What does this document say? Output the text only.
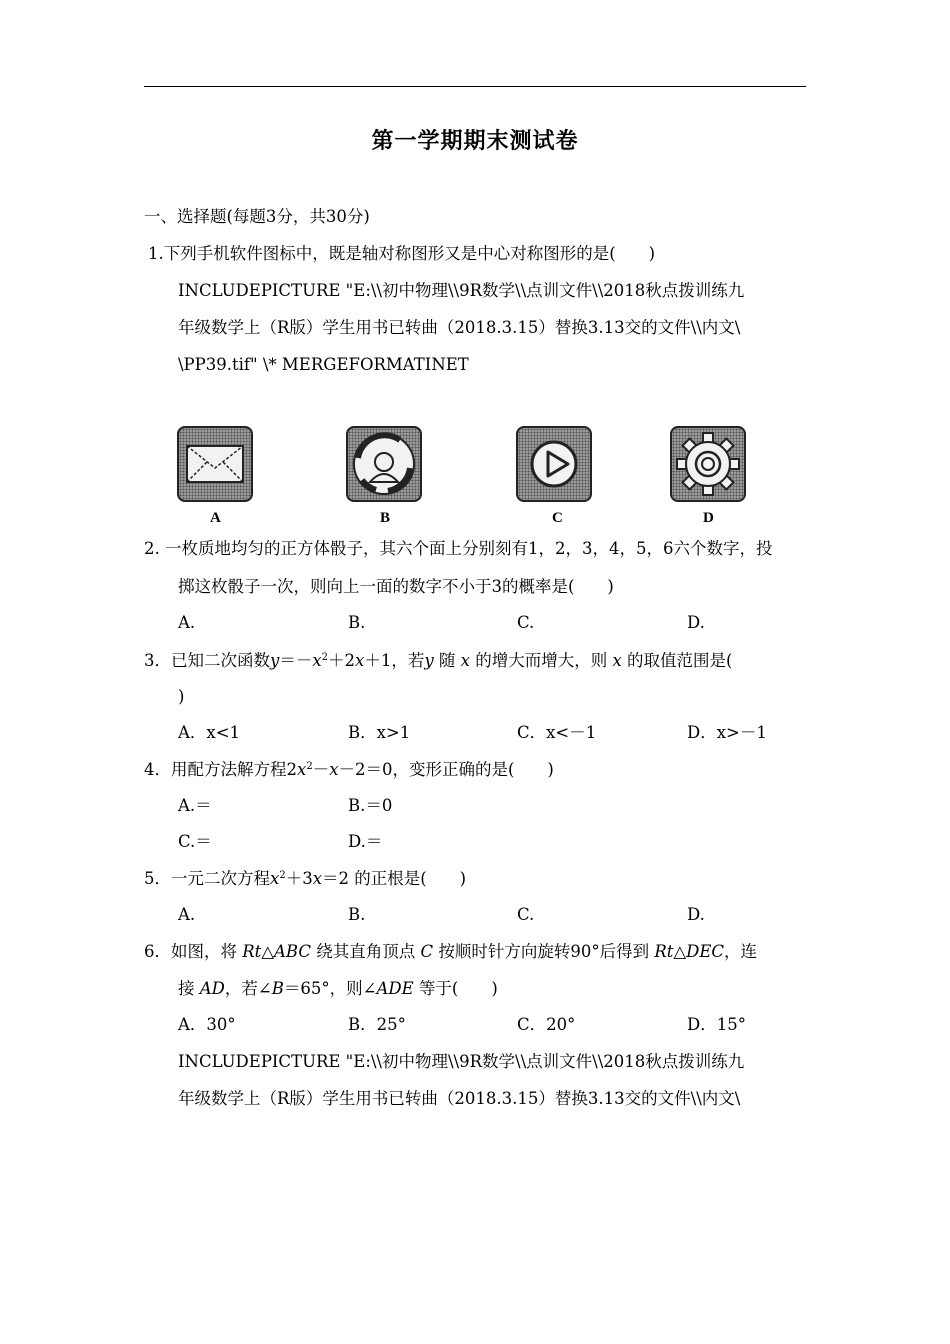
第一学期期末测试卷
一、选择题(每题3分，共30分)
1.下列手机软件图标中，既是轴对称图形又是中心对称图形的是(　　)
INCLUDEPICTURE "E:\\初中物理\\9R数学\\点训文件\\2018秋点拨训练九
年级数学上（R版）学生用书已转曲（2018.3.15）替换3.13交的文件\\内文\
\PP39.tif" \* MERGEFORMATINET
A	B	C	D
2. 一枚质地均匀的正方体骰子，其六个面上分别刻有1，2，3，4，5，6六个数字，投
掷这枚骰子一次，则向上一面的数字不小于3的概率是(　　)
A.	B.	C.	D.
3．已知二次函数$y=-x^2+2x+1$，若y 随 x 的增大而增大，则 x 的取值范围是(
)
A．x<1	B．x>1	C．x<－1	D．x>－1
4．用配方法解方程$2x^2-x-2=0$，变形正确的是(　　)
A.＝	B.＝0
C.＝	D.＝
5．一元二次方程$x^2+3x=2$ 的正根是(　　)
A.	B.	C.	D.
6．如图，将 Rt△ABC 绕其直角顶点 C 按顺时针方向旋转90°后得到 Rt△DEC，连
接 AD，若∠B＝65°，则∠ADE 等于(　　)
A．30°	B．25°	C．20°	D．15°
INCLUDEPICTURE "E:\\初中物理\\9R数学\\点训文件\\2018秋点拨训练九
年级数学上（R版）学生用书已转曲（2018.3.15）替换3.13交的文件\\内文\
